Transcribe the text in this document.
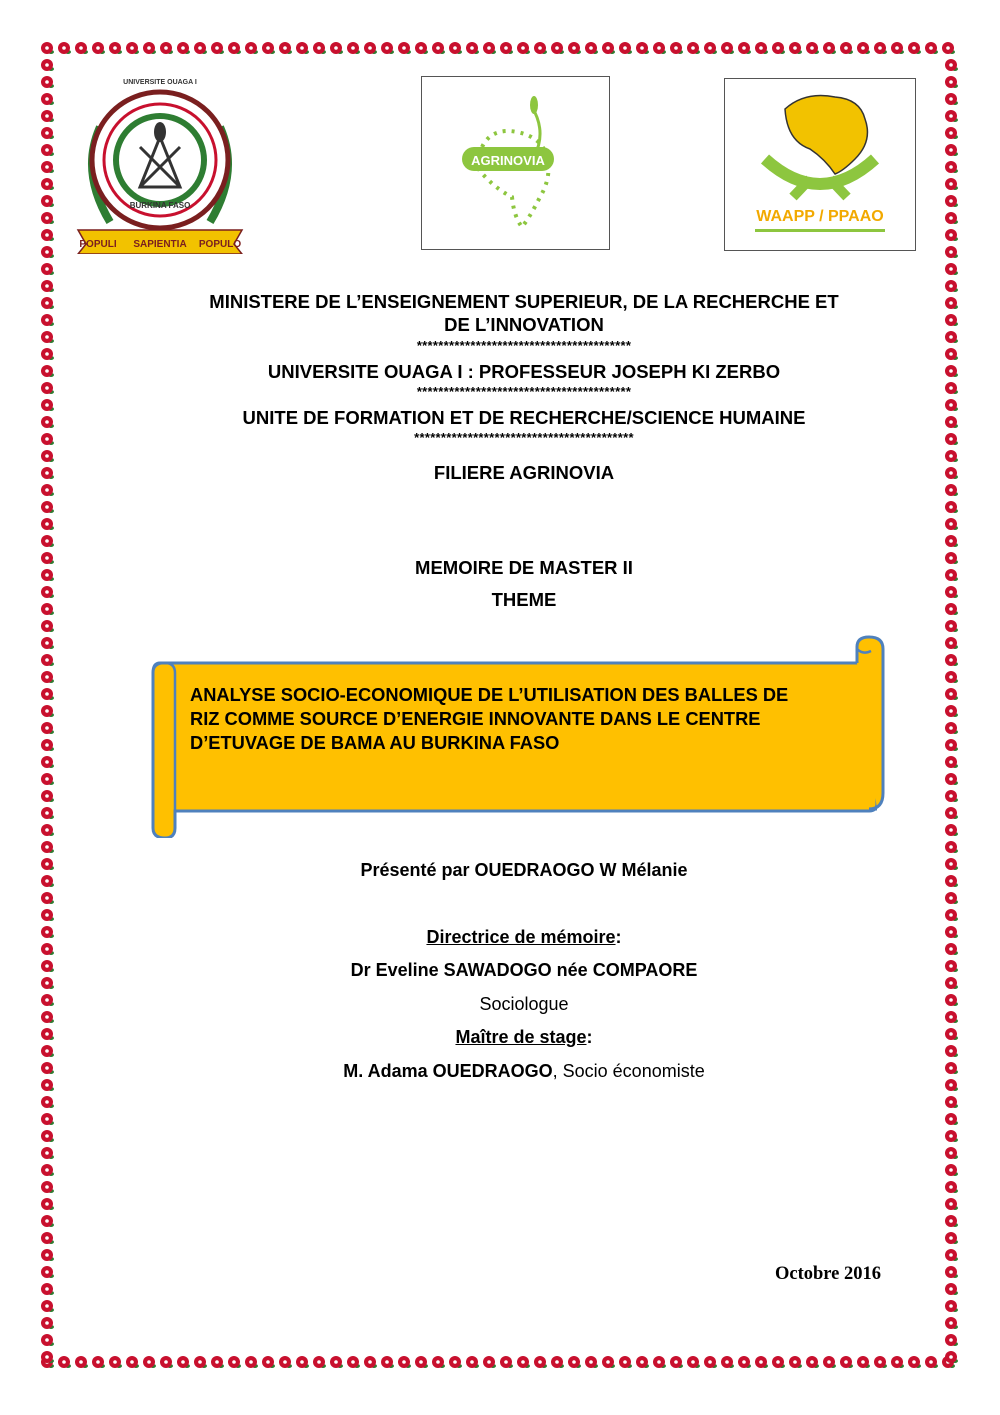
BURKINA FASO
UNIVERSITE OUAGA I
POPULI SAPIENTIA POPULO
AGRINOVIA
WAAPP / PPAAO
MINISTERE DE L’ENSEIGNEMENT SUPERIEUR, DE LA RECHERCHE ET
DE L’INNOVATION
****************************************
UNIVERSITE OUAGA I : PROFESSEUR JOSEPH KI ZERBO
****************************************
UNITE DE FORMATION ET DE RECHERCHE/SCIENCE HUMAINE
*****************************************
FILIERE AGRINOVIA
MEMOIRE DE MASTER II
THEME
ANALYSE SOCIO-ECONOMIQUE DE L’UTILISATION DES BALLES DE
RIZ COMME SOURCE D’ENERGIE INNOVANTE DANS LE CENTRE
D’ETUVAGE DE BAMA AU BURKINA FASO
Présenté par OUEDRAOGO W Mélanie
Directrice de mémoire:
Dr Eveline SAWADOGO née COMPAORE
Sociologue
Maître de stage:
M. Adama OUEDRAOGO, Socio économiste
Octobre 2016
